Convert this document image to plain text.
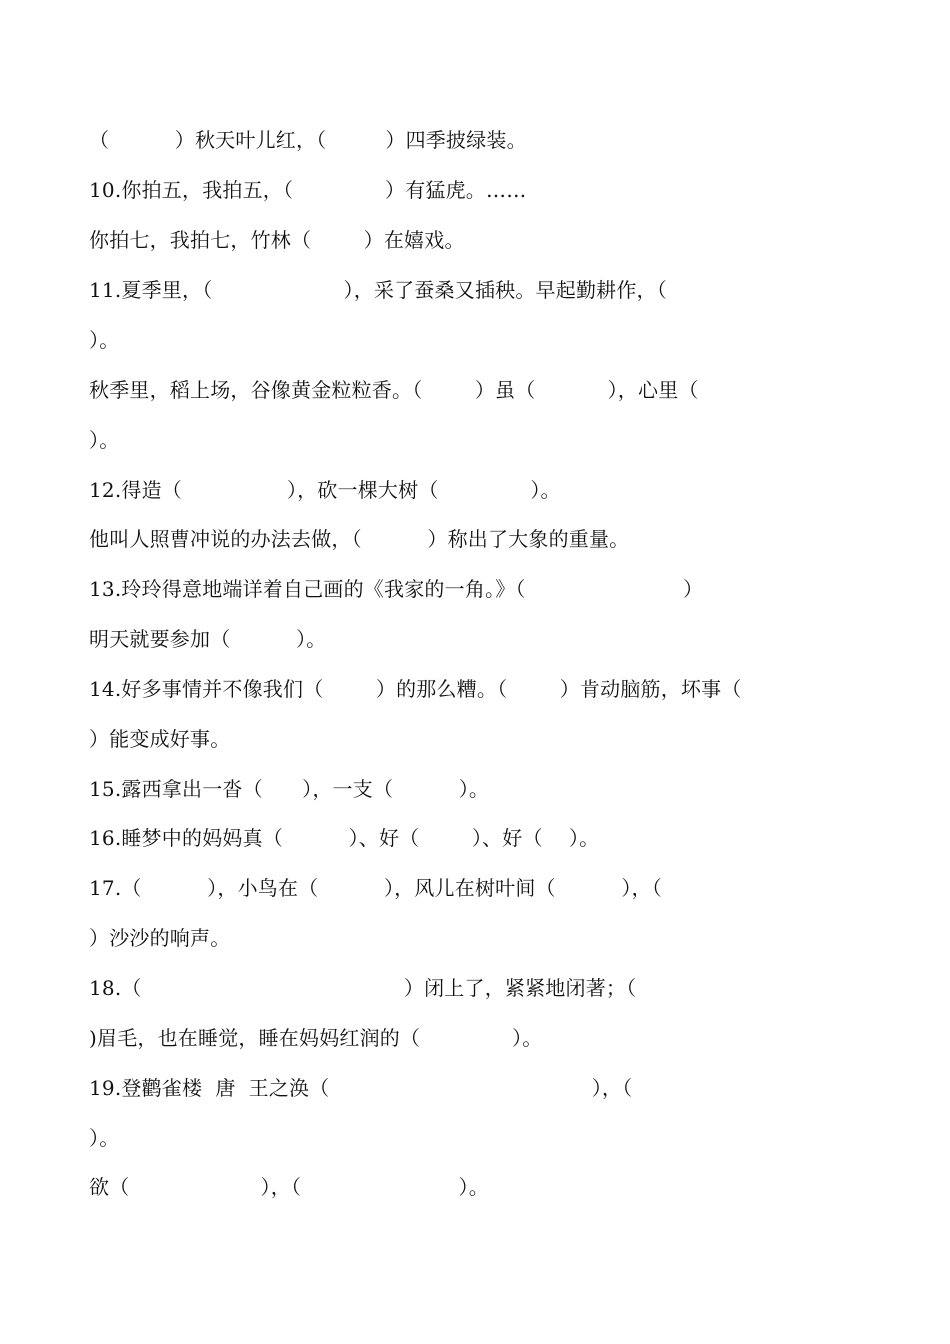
（          ）秋天叶儿红，（         ）四季披绿装。
10.你拍五，我拍五，（              ）有猛虎。……
你拍七，我拍七，竹林（        ）在嬉戏。
11.夏季里，（                    ），采了蚕桑又插秧。早起勤耕作，（
）。
秋季里，稻上场，谷像黄金粒粒香。（        ）虽（           ），心里（
）。
12.得造（                ），砍一棵大树（              ）。
他叫人照曹冲说的办法去做，（          ）称出了大象的重量。
13.玲玲得意地端详着自己画的《我家的一角。》（                        ）
明天就要参加（          ）。
14.好多事情并不像我们（        ）的那么糟。（        ）肯动脑筋，坏事（
）能变成好事。
15.露西拿出一沓（      ），一支（          ）。
16.睡梦中的妈妈真（          ）、好（        ）、好（    ）。
17.（          ），小鸟在（          ），风儿在树叶间（          ），（
）沙沙的响声。
18.（                                        ）闭上了，紧紧地闭著；（
)眉毛，也在睡觉，睡在妈妈红润的（              ）。
19.登鹳雀楼  唐  王之涣（                                        ），（
）。
欲（                    ），（                        ）。
